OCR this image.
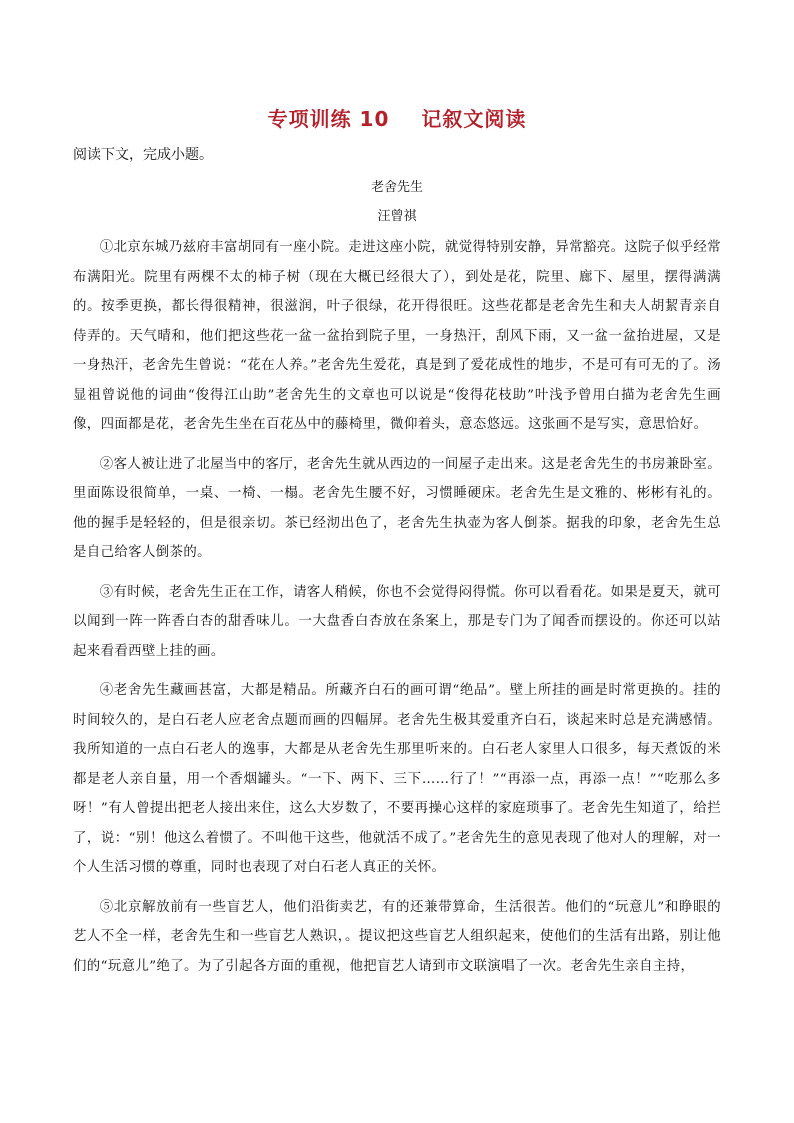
专项训练 10 记叙文阅读
阅读下文，完成小题。
老舍先生
汪曾祺

①北京东城乃兹府丰富胡同有一座小院。走进这座小院，就觉得特别安静，异常豁亮。这院子似乎经常布满阳光。院里有两棵不太的柿子树（现在大概已经很大了），到处是花，院里、廊下、屋里，摆得满满的。按季更换，都长得很精神，很滋润，叶子很绿，花开得很旺。这些花都是老舍先生和夫人胡絜青亲自侍弄的。天气晴和，他们把这些花一盆一盆抬到院子里，一身热汗，刮风下雨，又一盆一盆抬进屋，又是一身热汗，老舍先生曾说：“花在人养。”老舍先生爱花，真是到了爱花成性的地步，不是可有可无的了。汤显祖曾说他的词曲“俊得江山助”老舍先生的文章也可以说是“俊得花枝助”叶浅予曾用白描为老舍先生画像，四面都是花，老舍先生坐在百花丛中的藤椅里，微仰着头，意态悠远。这张画不是写实，意思恰好。

②客人被让进了北屋当中的客厅，老舍先生就从西边的一间屋子走出来。这是老舍先生的书房兼卧室。里面陈设很简单，一桌、一椅、一榻。老舍先生腰不好，习惯睡硬床。老舍先生是文雅的、彬彬有礼的。他的握手是轻轻的，但是很亲切。茶已经沏出色了，老舍先生执壶为客人倒茶。据我的印象，老舍先生总是自己给客人倒茶的。

③有时候，老舍先生正在工作，请客人稍候，你也不会觉得闷得慌。你可以看看花。如果是夏天，就可以闻到一阵一阵香白杏的甜香味儿。一大盘香白杏放在条案上，那是专门为了闻香而摆设的。你还可以站起来看看西壁上挂的画。

④老舍先生藏画甚富，大都是精品。所藏齐白石的画可谓“绝品”。壁上所挂的画是时常更换的。挂的时间较久的，是白石老人应老舍点题而画的四幅屏。老舍先生极其爱重齐白石，谈起来时总是充满感情。我所知道的一点白石老人的逸事，大都是从老舍先生那里听来的。白石老人家里人口很多，每天煮饭的米都是老人亲自量，用一个香烟罐头。“一下、两下、三下……行了！”“再添一点，再添一点！”“吃那么多呀！”有人曾提出把老人接出来住，这么大岁数了，不要再操心这样的家庭琐事了。老舍先生知道了，给拦了，说：“别！他这么着惯了。不叫他干这些，他就活不成了。”老舍先生的意见表现了他对人的理解，对一个人生活习惯的尊重，同时也表现了对白石老人真正的关怀。

⑤北京解放前有一些盲艺人，他们沿街卖艺，有的还兼带算命，生活很苦。他们的“玩意儿”和睁眼的艺人不全一样，老舍先生和一些盲艺人熟识，。提议把这些盲艺人组织起来，使他们的生活有出路，别让他们的“玩意儿”绝了。为了引起各方面的重视，他把盲艺人请到市文联演唱了一次。老舍先生亲自主持，
